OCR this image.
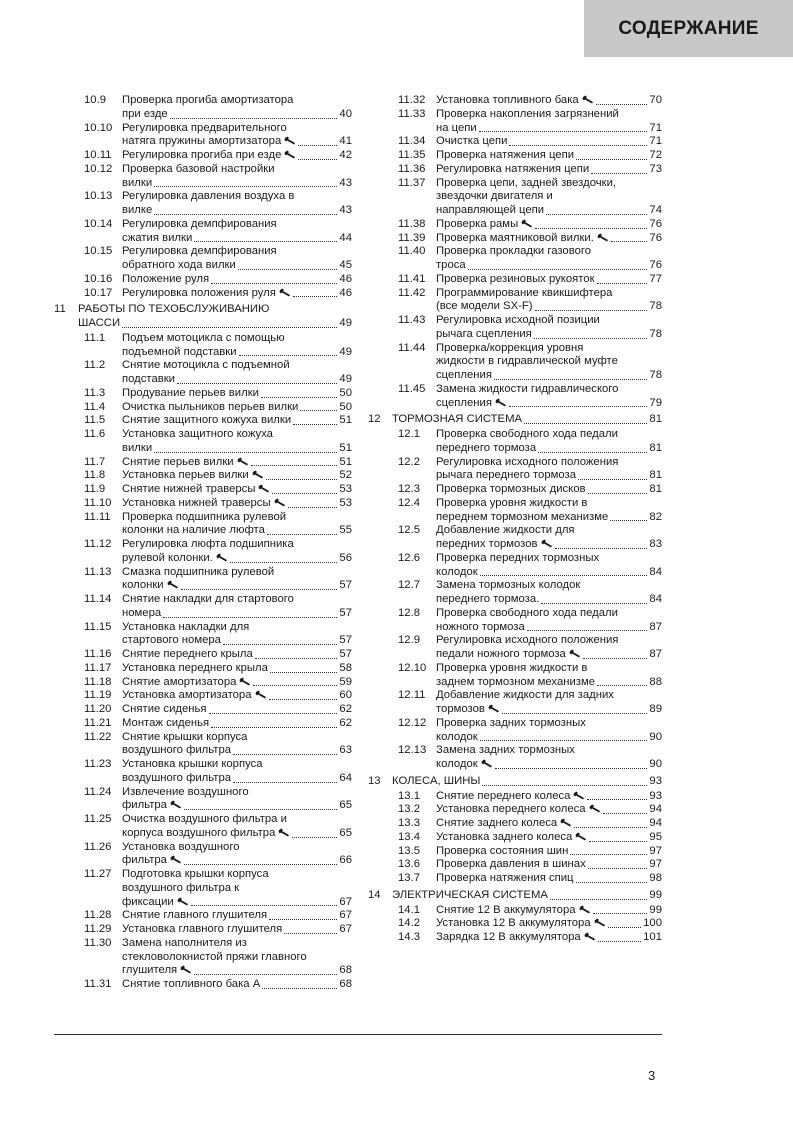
СОДЕРЖАНИЕ
10.9 Проверка прогиба амортизатора
при езде	40
10.10 Регулировка предварительного
натяга пружины амортизатора	41
10.11 Регулировка прогиба при езде	42
10.12 Проверка базовой настройки
вилки	43
10.13 Регулировка давления воздуха в
вилке	43
10.14 Регулировка демпфирования
сжатия вилки	44
10.15 Регулировка демпфирования
обратного хода вилки	45
10.16 Положение руля	46
10.17 Регулировка положения руля	46
11 РАБОТЫ ПО ТЕХОБСЛУЖИВАНИЮ
ШАССИ	49
11.1 Подъем мотоцикла с помощью
подъемной подставки	49
11.2 Снятие мотоцикла с подъемной
подставки	49
11.3 Продувание перьев вилки	50
11.4 Очистка пыльников перьев вилки	50
11.5 Снятие защитного кожуха вилки	51
11.6 Установка защитного кожуха
вилки	51
11.7 Снятие перьев вилки	51
11.8 Установка перьев вилки	52
11.9 Снятие нижней траверсы	53
11.10 Установка нижней траверсы	53
11.11 Проверка подшипника рулевой
колонки на наличие люфта	55
11.12 Регулировка люфта подшипника
рулевой колонки.	56
11.13 Смазка подшипника рулевой
колонки	57
11.14 Снятие накладки для стартового
номера	57
11.15 Установка накладки для
стартового номера	57
11.16 Снятие переднего крыла	57
11.17 Установка переднего крыла	58
11.18 Снятие амортизатора	59
11.19 Установка амортизатора	60
11.20 Снятие сиденья	62
11.21 Монтаж сиденья	62
11.22 Снятие крышки корпуса
воздушного фильтра	63
11.23 Установка крышки корпуса
воздушного фильтра	64
11.24 Извлечение воздушного
фильтра	65
11.25 Очистка воздушного фильтра и
корпуса воздушного фильтра	65
11.26 Установка воздушного
фильтра	66
11.27 Подготовка крышки корпуса
воздушного фильтра к
фиксации	67
11.28 Снятие главного глушителя	67
11.29 Установка главного глушителя	67
11.30 Замена наполнителя из
стекловолокнистой пряжи главного
глушителя	68
11.31 Снятие топливного бака A	68
11.32 Установка топливного бака	70
11.33 Проверка накопления загрязнений
на цепи	71
11.34 Очистка цепи	71
11.35 Проверка натяжения цепи	72
11.36 Регулировка натяжения цепи	73
11.37 Проверка цепи, задней звездочки,
звездочки двигателя и
направляющей цепи	74
11.38 Проверка рамы	76
11.39 Проверка маятниковой вилки.	76
11.40 Проверка прокладки газового
троса	76
11.41 Проверка резиновых рукояток	77
11.42 Программирование квикшифтера
(все модели SX-F)	78
11.43 Регулировка исходной позиции
рычага сцепления	78
11.44 Проверка/коррекция уровня
жидкости в гидравлической муфте
сцепления	78
11.45 Замена жидкости гидравлического
сцепления	79
12 ТОРМОЗНАЯ СИСТЕМА	81
12.1 Проверка свободного хода педали
переднего тормоза	81
12.2 Регулировка исходного положения
рычага переднего тормоза	81
12.3 Проверка тормозных дисков	81
12.4 Проверка уровня жидкости в
переднем тормозном механизме	82
12.5 Добавление жидкости для
передних тормозов	83
12.6 Проверка передних тормозных
колодок	84
12.7 Замена тормозных колодок
переднего тормоза.	84
12.8 Проверка свободного хода педали
ножного тормоза	87
12.9 Регулировка исходного положения
педали ножного тормоза	87
12.10 Проверка уровня жидкости в
заднем тормозном механизме	88
12.11 Добавление жидкости для задних
тормозов	89
12.12 Проверка задних тормозных
колодок	90
12.13 Замена задних тормозных
колодок	90
13 КОЛЕСА, ШИНЫ	93
13.1 Снятие переднего колеса	93
13.2 Установка переднего колеса	94
13.3 Снятие заднего колеса	94
13.4 Установка заднего колеса	95
13.5 Проверка состояния шин	97
13.6 Проверка давления в шинах	97
13.7 Проверка натяжения спиц	98
14 ЭЛЕКТРИЧЕСКАЯ СИСТЕМА	99
14.1 Снятие 12 В аккумулятора	99
14.2 Установка 12 В аккумулятора	100
14.3 Зарядка 12 В аккумулятора	101
3
